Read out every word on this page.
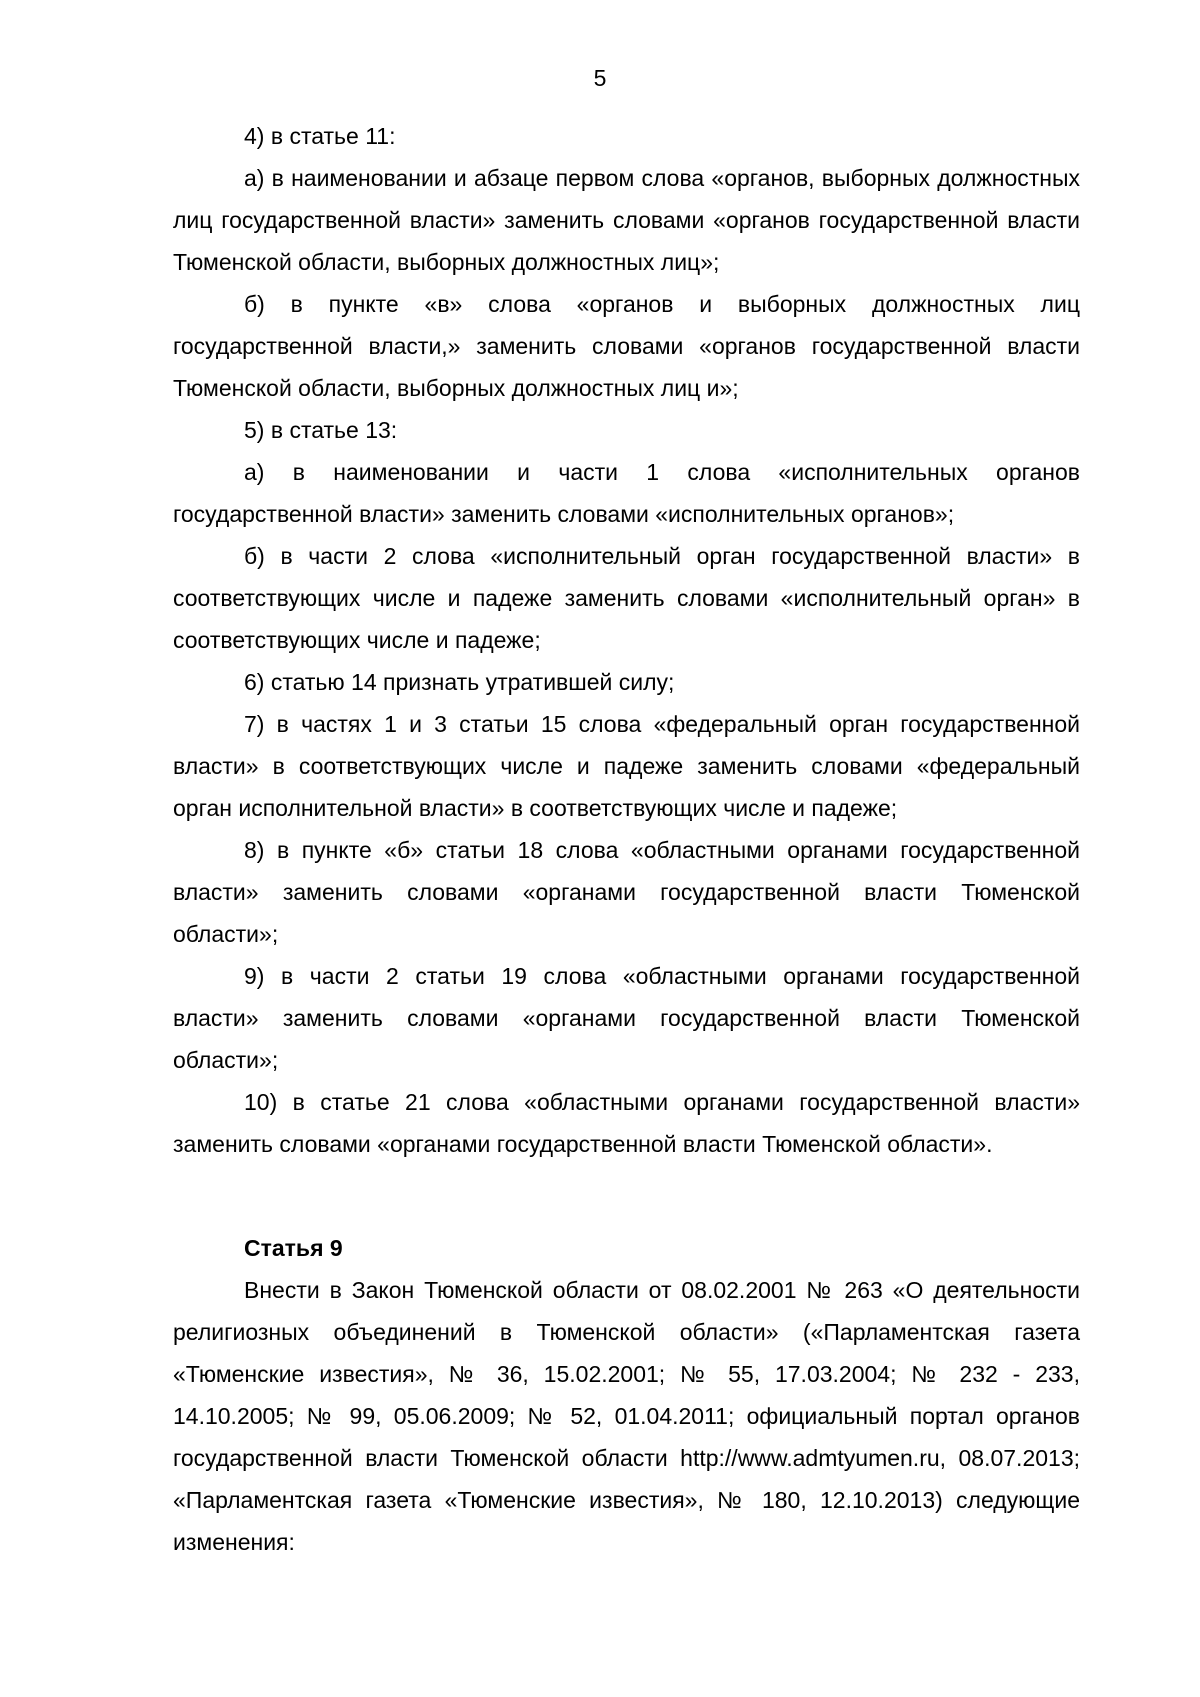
5

4) в статье 11:

а) в наименовании и абзаце первом слова «органов, выборных должностных лиц государственной власти» заменить словами «органов государственной власти Тюменской области, выборных должностных лиц»;

б) в пункте «в» слова «органов и выборных должностных лиц государственной власти,» заменить словами «органов государственной власти Тюменской области, выборных должностных лиц и»;

5) в статье 13:

а) в наименовании и части 1 слова «исполнительных органов государственной власти» заменить словами «исполнительных органов»;

б) в части 2 слова «исполнительный орган государственной власти» в соответствующих числе и падеже заменить словами «исполнительный орган» в соответствующих числе и падеже;

6) статью 14 признать утратившей силу;

7) в частях 1 и 3 статьи 15 слова «федеральный орган государственной власти» в соответствующих числе и падеже заменить словами «федеральный орган исполнительной власти» в соответствующих числе и падеже;

8) в пункте «б» статьи 18 слова «областными органами государственной власти» заменить словами «органами государственной власти Тюменской области»;

9) в части 2 статьи 19 слова «областными органами государственной власти» заменить словами «органами государственной власти Тюменской области»;

10) в статье 21 слова «областными органами государственной власти» заменить словами «органами государственной власти Тюменской области».

Статья 9

Внести в Закон Тюменской области от 08.02.2001 № 263 «О деятельности религиозных объединений в Тюменской области» («Парламентская газета «Тюменские известия», № 36, 15.02.2001; № 55, 17.03.2004; № 232 - 233, 14.10.2005; № 99, 05.06.2009; № 52, 01.04.2011; официальный портал органов государственной власти Тюменской области http://www.admtyumen.ru, 08.07.2013; «Парламентская газета «Тюменские известия», № 180, 12.10.2013) следующие изменения:
